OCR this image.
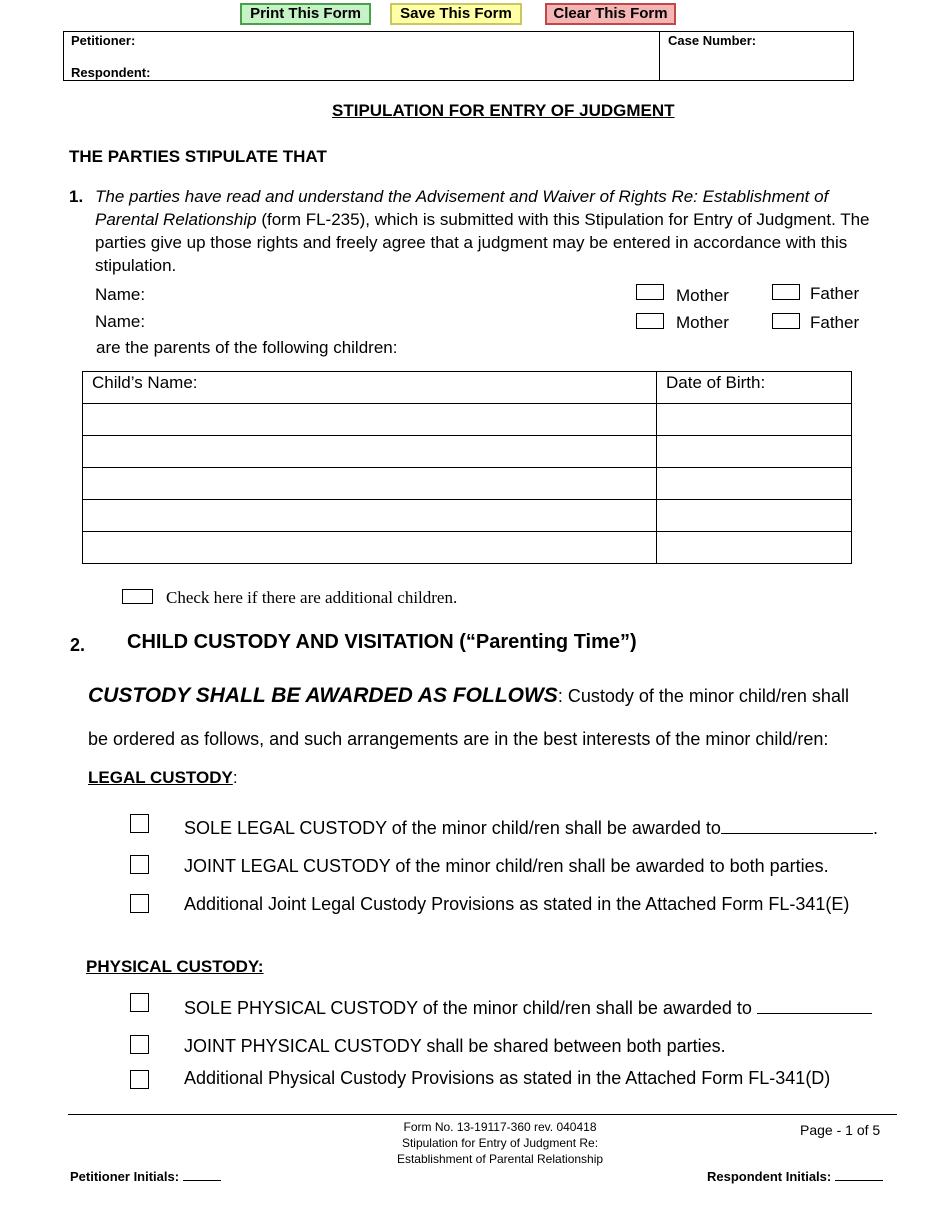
Print This Form	Save This Form	Clear This Form
Petitioner:
Respondent:
Case Number:
STIPULATION FOR ENTRY OF JUDGMENT
THE PARTIES STIPULATE THAT
1. The parties have read and understand the Advisement and Waiver of Rights Re: Establishment of Parental Relationship (form FL-235), which is submitted with this Stipulation for Entry of Judgment. The parties give up those rights and freely agree that a judgment may be entered in accordance with this stipulation.
Name:
Name:
Mother	Father
Mother	Father
are the parents of the following children:
Child’s Name:	Date of Birth:

Check here if there are additional children.
2. CHILD CUSTODY AND VISITATION (“Parenting Time”)
CUSTODY SHALL BE AWARDED AS FOLLOWS: Custody of the minor child/ren shall
be ordered as follows, and such arrangements are in the best interests of the minor child/ren:
LEGAL CUSTODY:
SOLE LEGAL CUSTODY of the minor child/ren shall be awarded to	.
JOINT LEGAL CUSTODY of the minor child/ren shall be awarded to both parties.
Additional Joint Legal Custody Provisions as stated in the Attached Form FL-341(E)
PHYSICAL CUSTODY:
SOLE PHYSICAL CUSTODY of the minor child/ren shall be awarded to
JOINT PHYSICAL CUSTODY shall be shared between both parties.
Additional Physical Custody Provisions as stated in the Attached Form FL-341(D)
Form No. 13-19117-360 rev. 040418
Stipulation for Entry of Judgment Re:
Establishment of Parental Relationship
Page - 1 of 5
Petitioner Initials:	Respondent Initials:
